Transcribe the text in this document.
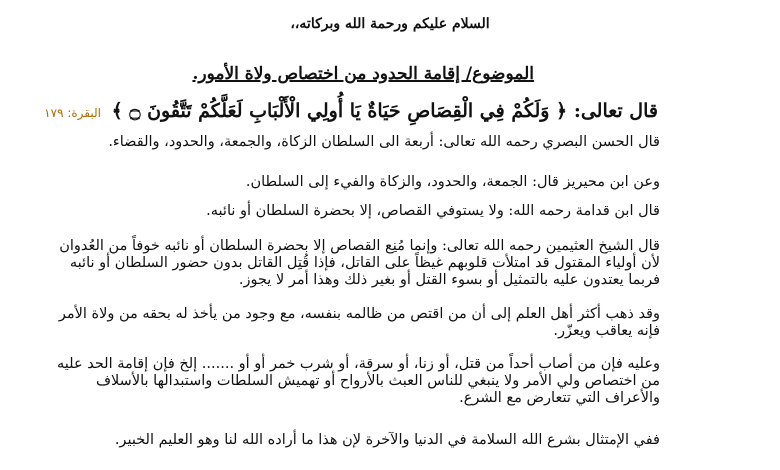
السلام عليكم ورحمة الله وبركاته،،
الموضوع/ إقامة الحدود من اختصاص ولاة الأمور.
قال تعالى: ﴿ وَلَكُمْ فِي الْقِصَاصِ حَيَاةٌ يَا أُولِي الْأَلْبَابِ لَعَلَّكُمْ تَتَّقُونَ ۝ ﴾ البقرة: ١٧٩

قال الحسن البصري رحمه الله تعالى: أربعة الى السلطان الزكاة، والجمعة، والحدود، والقضاء.

وعن ابن محيريز قال: الجمعة، والحدود، والزكاة والفيء إلى السلطان.

قال ابن قدامة رحمه الله: ولا يستوفي القصاص، إلا بحضرة السلطان أو نائبه.

قال الشيخ العثيمين رحمه الله تعالى: وإنما مُنِع القصاص إلا بحضرة السلطان أو نائبه خوفاً من العُدوان لأن أولياء المقتول قد امتلأت قلوبهم غيظاً على القاتل، فإذا قُتِل القاتل بدون حضور السلطان أو نائبه فربما يعتدون عليه بالتمثيل أو بسوء القتل أو بغير ذلك وهذا أمر لا يجوز.

وقد ذهب أكثر أهل العلم إلى أن من اقتص من ظالمه بنفسه، مع وجود من يأخذ له بحقه من ولاة الأمر فإنه يعاقب ويعزّر.

وعليه فإن من أصاب أحداً من قتل، أو زنا، أو سرقة، أو شرب خمر أو أو ....... إلخ فإن إقامة الحد عليه من اختصاص ولي الأمر ولا ينبغي للناس العبث بالأرواح أو تهميش السلطات واستبدالها بالأسلاف والأعراف التي تتعارض مع الشرع.

ففي الإمتثال بشرع الله السلامة في الدنيا والآخرة لإن هذا ما أراده الله لنا وهو العليم الخبير.
